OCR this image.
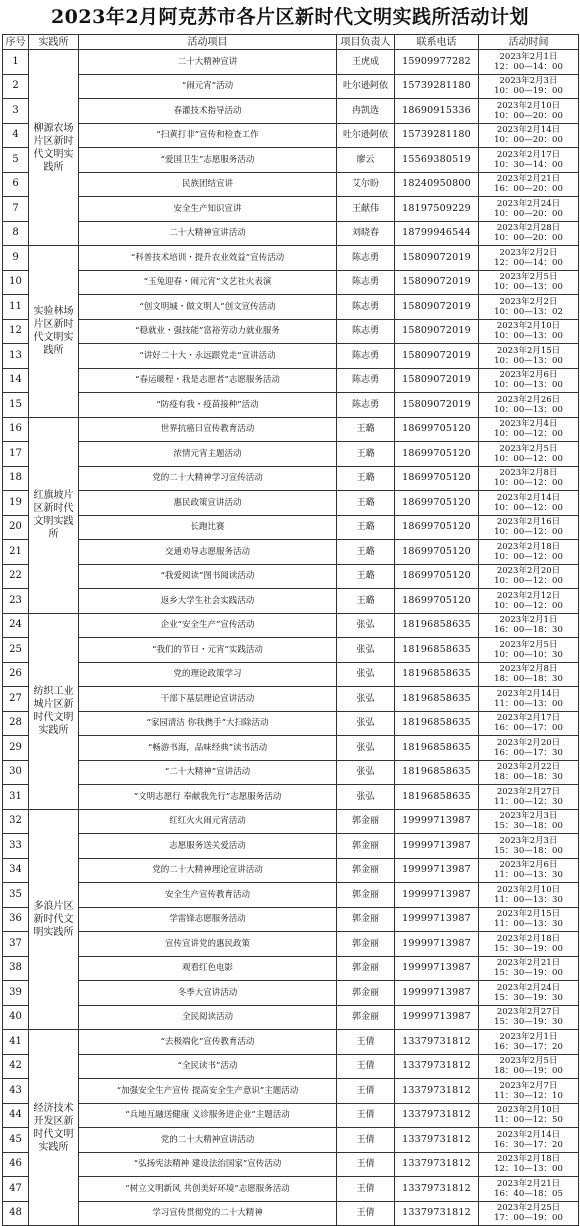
2023年2月阿克苏市各片区新时代文明实践所活动计划
序号	实践所	活动项目	项目负责人	联系电话	活动时间
1	柳源农场片区新时代文明实践所	二十大精神宣讲	王虎成	15909977282	2023年2月1日
12：00—14：00

2		“闹元宵”活动	吐尔逊阿依	15739281180	2023年2月3日
10：00—19：00

3		春灌技术指导活动	冉凯选	18690915336	2023年2月10日
10：00—20：00

4		“扫黄打非”宣传和检查工作	吐尔逊阿依	15739281180	2023年2月14日
10：00—20：00

5		“爱国卫生”志愿服务活动	廖云	15569380519	2023年2月17日
10：30—14：00

6		民族团结宣讲	艾尔盼	18240950800	2023年2月21日
16：00—20：00

7		安全生产知识宣讲	王献伟	18197509229	2023年2月24日
10：00—20：00

8		二十大精神宣讲活动	刘晓春	18799946544	2023年2月28日
10：00—20：00

9	实验林场片区新时代文明实践所	“科普技术培训・提升农业效益”宣传活动	陈志勇	15809072019	2023年2月2日
12：00—14：00

10		“玉兔迎春・闹元宵”文艺社火表演	陈志勇	15809072019	2023年2月5日
10：00—13：00

11		“创文明城・做文明人”创文宣传活动	陈志勇	15809072019	2023年2月2日
10：00—13：02

12		“稳就业・强技能”富裕劳动力就业服务	陈志勇	15809072019	2023年2月10日
10：00—13：00

13		“讲好二十大・永远跟党走”宣讲活动	陈志勇	15809072019	2023年2月15日
10：00—13：00

14		“春运暖程・我是志愿者”志愿服务活动	陈志勇	15809072019	2023年2月6日
10：00—13：00

15		“防疫有我・疫苗接种”活动	陈志勇	15809072019	2023年2月26日
10：00—13：00

16	红旗坡片区新时代文明实践所	世界抗癌日宣传教育活动	王璐	18699705120	2023年2月4日
10：00—12：00

17		浓情元宵主题活动	王璐	18699705120	2023年2月5日
10：00—12：00

18		党的二十大精神学习宣传活动	王璐	18699705120	2023年2月8日
10：00—12：00

19		惠民政策宣讲活动	王璐	18699705120	2023年2月14日
10：00—12：00

20		长跑比赛	王璐	18699705120	2023年2月16日
10：00—12：00

21		交通劝导志愿服务活动	王璐	18699705120	2023年2月18日
10：00—12：00

22		“我爱阅读”图书阅读活动	王璐	18699705120	2023年2月20日
10：00—12：00

23		返乡大学生社会实践活动	王璐	18699705120	2023年2月12日
10：00—12：00

24	纺织工业城片区新时代文明实践所	企业“安全生产”宣传活动	张弘	18196858635	2023年2月1日
16：00—18：30

25		“我们的节日・元宵”实践活动	张弘	18196858635	2023年2月5日
10：00—10：30

26		党的理论政策学习	张弘	18196858635	2023年2月8日
18：00—18：30

27		干部下基层理论宣讲活动	张弘	18196858635	2023年2月14日
11：00—13：00

28		“家园清洁 你我携手”大扫除活动	张弘	18196858635	2023年2月17日
16：00—17：00

29		“畅游书海，品味经典”读书活动	张弘	18196858635	2023年2月20日
16：00—17：30

30		“二十大精神”宣讲活动	张弘	18196858635	2023年2月22日
18：00—18：30

31		“文明志愿行 奉献我先行”志愿服务活动	张弘	18196858635	2023年2月27日
11：00—12：30

32	多浪片区新时代文明实践所	红红火火闹元宵活动	郭金丽	19999713987	2023年2月3日
15：30—18：00

33		志愿服务送关爱活动	郭金丽	19999713987	2023年2月3日
15：30—18：00

34		党的二十大精神理论宣讲活动	郭金丽	19999713987	2023年2月6日
11：00—13：30

35		安全生产宣传教育活动	郭金丽	19999713987	2023年2月10日
11：00—13：30

36		学雷锋志愿服务活动	郭金丽	19999713987	2023年2月15日
11：00—13：30

37		宣传宣讲党的惠民政策	郭金丽	19999713987	2023年2月18日
15：30—19：00

38		观看红色电影	郭金丽	19999713987	2023年2月21日
15：30—19：00

39		冬季大宣讲活动	郭金丽	19999713987	2023年2月24日
15：30—19：30

40		全民阅读活动	郭金丽	19999713987	2023年2月27日
15：30—19：30

41	经济技术开发区新时代文明实践所	“去极端化”宣传教育活动	王倩	13379731812	2023年2月1日
16：30—17：20

42		“全民读书”活动	王倩	13379731812	2023年2月5日
18：00—19：00

43		“加强安全生产宣传 提高安全生产意识”主题活动	王倩	13379731812	2023年2月7日
11：30—12：10

44		“兵地互融送健康 义诊服务进企业”主题活动	王倩	13379731812	2023年2月10日
11：00—12：50

45		党的二十大精神宣讲活动	王倩	13379731812	2023年2月14日
16：30—17：20

46		“弘扬宪法精神 建设法治国家”宣传活动	王倩	13379731812	2023年2月18日
12：10—13：00

47		“树立文明新风 共创美好环境”志愿服务活动	王倩	13379731812	2023年2月21日
16：40—18：05

48		学习宣传贯彻党的二十大精神	王倩	13379731812	2023年2月25日
17：00—19：00
